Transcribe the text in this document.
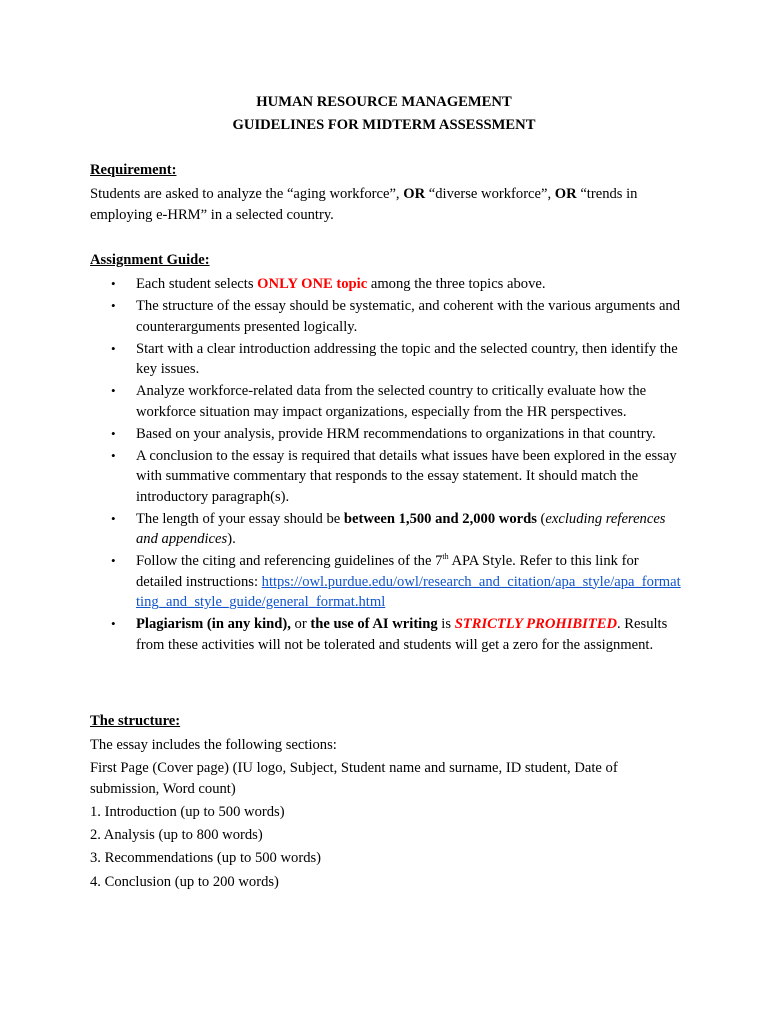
HUMAN RESOURCE MANAGEMENT
GUIDELINES FOR MIDTERM ASSESSMENT
Requirement:
Students are asked to analyze the “aging workforce”, OR “diverse workforce”, OR “trends in employing e-HRM” in a selected country.
Assignment Guide:
• Each student selects ONLY ONE topic among the three topics above.
• The structure of the essay should be systematic, and coherent with the various arguments and counterarguments presented logically.
• Start with a clear introduction addressing the topic and the selected country, then identify the key issues.
• Analyze workforce-related data from the selected country to critically evaluate how the workforce situation may impact organizations, especially from the HR perspectives.
• Based on your analysis, provide HRM recommendations to organizations in that country.
• A conclusion to the essay is required that details what issues have been explored in the essay with summative commentary that responds to the essay statement. It should match the introductory paragraph(s).
• The length of your essay should be between 1,500 and 2,000 words (excluding references and appendices).
• Follow the citing and referencing guidelines of the 7th APA Style. Refer to this link for detailed instructions: https://owl.purdue.edu/owl/research_and_citation/apa_style/apa_formatting_and_style_guide/general_format.html
• Plagiarism (in any kind), or the use of AI writing is STRICTLY PROHIBITED. Results from these activities will not be tolerated and students will get a zero for the assignment.
The structure:
The essay includes the following sections:
First Page (Cover page) (IU logo, Subject, Student name and surname, ID student, Date of submission, Word count)
1. Introduction (up to 500 words)
2. Analysis (up to 800 words)
3. Recommendations (up to 500 words)
4. Conclusion (up to 200 words)
